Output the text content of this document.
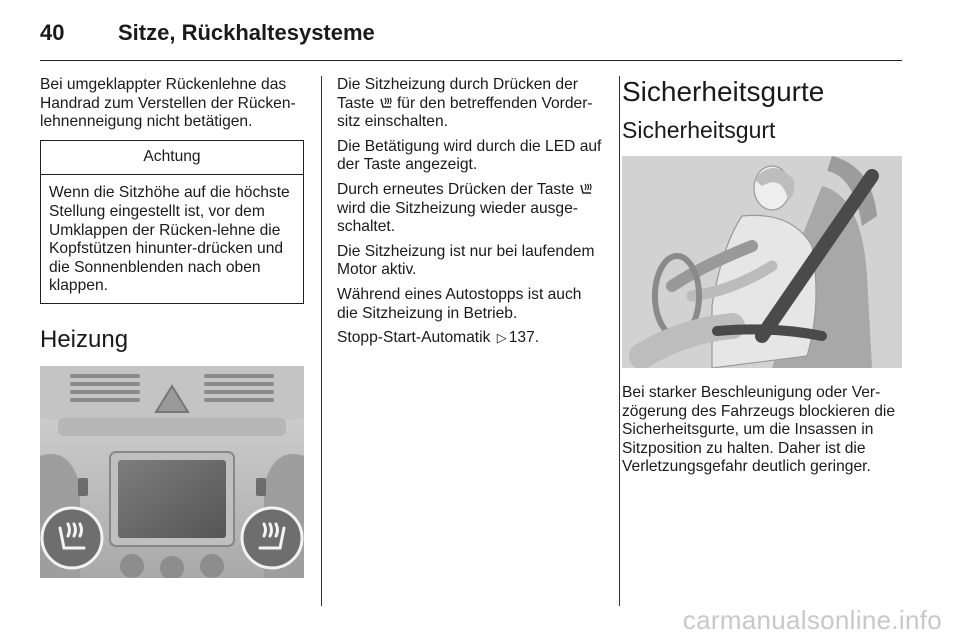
40 Sitze, Rückhaltesysteme

Bei umgeklappter Rückenlehne das Handrad zum Verstellen der Rücken-lehnenneigung nicht betätigen.

Achtung
Wenn die Sitzhöhe auf die höchste Stellung eingestellt ist, vor dem Umklappen der Rücken-lehne die Kopfstützen hinunter-drücken und die Sonnenblenden nach oben klappen.
Heizung

Die Sitzheizung durch Drücken der Taste  für den betreffenden Vorder-sitz einschalten.

Die Betätigung wird durch die LED auf der Taste angezeigt.

Durch erneutes Drücken der Taste  wird die Sitzheizung wieder ausge-schaltet.

Die Sitzheizung ist nur bei laufendem Motor aktiv.

Während eines Autostopps ist auch die Sitzheizung in Betrieb.

Stopp-Start-Automatik ▷ 137.

Sicherheitsgurte
Sicherheitsgurt

Bei starker Beschleunigung oder Ver-zögerung des Fahrzeugs blockieren die Sicherheitsgurte, um die Insassen in Sitzposition zu halten. Daher ist die Verletzungsgefahr deutlich geringer.

carmanualsonline.info
